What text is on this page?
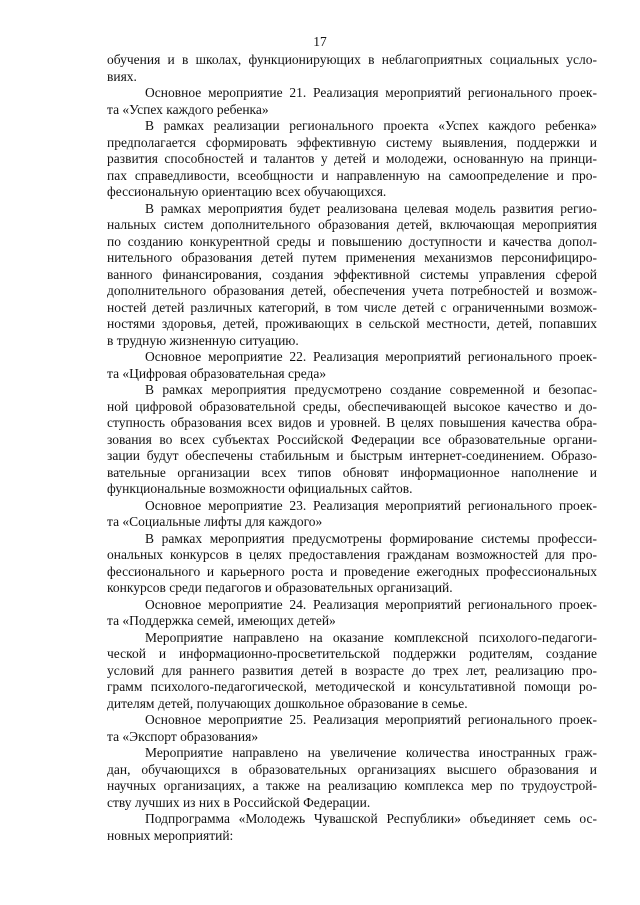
17
обучения и в школах, функционирующих в неблагоприятных социальных усло-
виях.
Основное мероприятие 21. Реализация мероприятий регионального проек-
та «Успех каждого ребенка»
В рамках реализации регионального проекта «Успех каждого ребенка»
предполагается сформировать эффективную систему выявления, поддержки и
развития способностей и талантов у детей и молодежи, основанную на принци-
пах справедливости, всеобщности и направленную на самоопределение и про-
фессиональную ориентацию всех обучающихся.
В рамках мероприятия будет реализована целевая модель развития регио-
нальных систем дополнительного образования детей, включающая мероприятия
по созданию конкурентной среды и повышению доступности и качества допол-
нительного образования детей путем применения механизмов персонифициро-
ванного финансирования, создания эффективной системы управления сферой
дополнительного образования детей, обеспечения учета потребностей и возмож-
ностей детей различных категорий, в том числе детей с ограниченными возмож-
ностями здоровья, детей, проживающих в сельской местности, детей, попавших
в трудную жизненную ситуацию.
Основное мероприятие 22. Реализация мероприятий регионального проек-
та «Цифровая образовательная среда»
В рамках мероприятия предусмотрено создание современной и безопас-
ной цифровой образовательной среды, обеспечивающей высокое качество и до-
ступность образования всех видов и уровней. В целях повышения качества обра-
зования во всех субъектах Российской Федерации все образовательные органи-
зации будут обеспечены стабильным и быстрым интернет-соединением. Образо-
вательные организации всех типов обновят информационное наполнение и
функциональные возможности официальных сайтов.
Основное мероприятие 23. Реализация мероприятий регионального проек-
та «Социальные лифты для каждого»
В рамках мероприятия предусмотрены формирование системы професси-
ональных конкурсов в целях предоставления гражданам возможностей для про-
фессионального и карьерного роста и проведение ежегодных профессиональных
конкурсов среди педагогов и образовательных организаций.
Основное мероприятие 24. Реализация мероприятий регионального проек-
та «Поддержка семей, имеющих детей»
Мероприятие направлено на оказание комплексной психолого-педагоги-
ческой и информационно-просветительской поддержки родителям, создание
условий для раннего развития детей в возрасте до трех лет, реализацию про-
грамм психолого-педагогической, методической и консультативной помощи ро-
дителям детей, получающих дошкольное образование в семье.
Основное мероприятие 25. Реализация мероприятий регионального проек-
та «Экспорт образования»
Мероприятие направлено на увеличение количества иностранных граж-
дан, обучающихся в образовательных организациях высшего образования и
научных организациях, а также на реализацию комплекса мер по трудоустрой-
ству лучших из них в Российской Федерации.
Подпрограмма «Молодежь Чувашской Республики» объединяет семь ос-
новных мероприятий:
